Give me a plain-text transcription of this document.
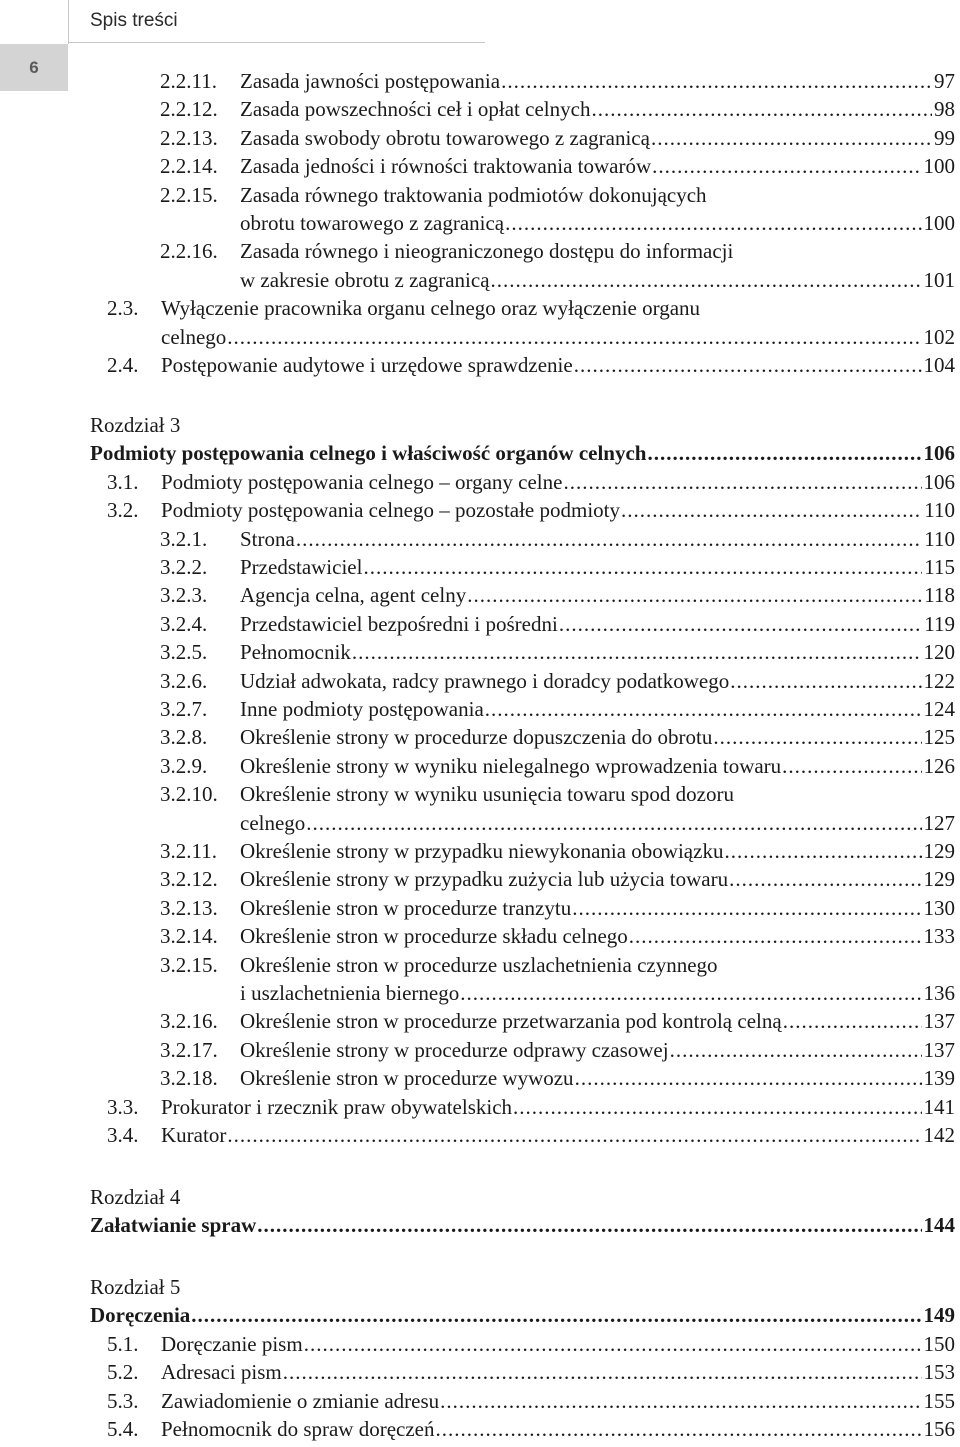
Spis treści
6
2.2.11. Zasada jawności postępowania .....	97
2.2.12. Zasada powszechności ceł i opłat celnych .....	98
2.2.13. Zasada swobody obrotu towarowego z zagranicą .....	99
2.2.14. Zasada jedności i równości traktowania towarów .....	100
2.2.15. Zasada równego traktowania podmiotów dokonujących
obrotu towarowego z zagranicą .....	100
2.2.16. Zasada równego i nieograniczonego dostępu do informacji
w zakresie obrotu z zagranicą .....	101
2.3. Wyłączenie pracownika organu celnego oraz wyłączenie organu
celnego .....	102
2.4. Postępowanie audytowe i urzędowe sprawdzenie .....	104
Rozdział 3
Podmioty postępowania celnego i właściwość organów celnych .....	106
3.1. Podmioty postępowania celnego – organy celne .....	106
3.2. Podmioty postępowania celnego – pozostałe podmioty .....	110
3.2.1. Strona .....	110
3.2.2. Przedstawiciel .....	115
3.2.3. Agencja celna, agent celny .....	118
3.2.4. Przedstawiciel bezpośredni i pośredni .....	119
3.2.5. Pełnomocnik .....	120
3.2.6. Udział adwokata, radcy prawnego i doradcy podatkowego .....	122
3.2.7. Inne podmioty postępowania .....	124
3.2.8. Określenie strony w procedurze dopuszczenia do obrotu .....	125
3.2.9. Określenie strony w wyniku nielegalnego wprowadzenia towaru .....	126
3.2.10. Określenie strony w wyniku usunięcia towaru spod dozoru
celnego .....	127
3.2.11. Określenie strony w przypadku niewykonania obowiązku .....	129
3.2.12. Określenie strony w przypadku zużycia lub użycia towaru .....	129
3.2.13. Określenie stron w procedurze tranzytu .....	130
3.2.14. Określenie stron w procedurze składu celnego .....	133
3.2.15. Określenie stron w procedurze uszlachetnienia czynnego
i uszlachetnienia biernego .....	136
3.2.16. Określenie stron w procedurze przetwarzania pod kontrolą celną .....	137
3.2.17. Określenie strony w procedurze odprawy czasowej .....	137
3.2.18. Określenie stron w procedurze wywozu .....	139
3.3. Prokurator i rzecznik praw obywatelskich .....	141
3.4. Kurator .....	142
Rozdział 4
Załatwianie spraw .....	144
Rozdział 5
Doręczenia .....	149
5.1. Doręczanie pism .....	150
5.2. Adresaci pism .....	153
5.3. Zawiadomienie o zmianie adresu .....	155
5.4. Pełnomocnik do spraw doręczeń .....	156
